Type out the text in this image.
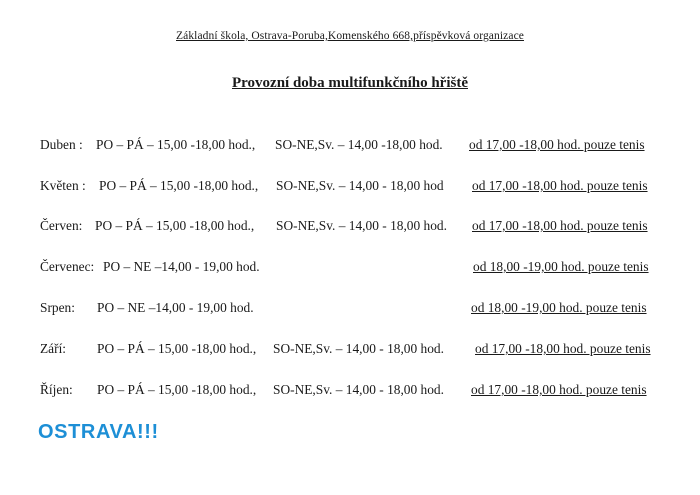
Základní škola, Ostrava-Poruba,Komenského 668,příspěvková organizace
Provozní doba multifunkčního hřiště
Duben : PO – PÁ – 15,00 -18,00 hod., SO-NE,Sv. – 14,00 -18,00 hod. od 17,00 -18,00 hod. pouze tenis
Květen : PO – PÁ – 15,00 -18,00 hod., SO-NE,Sv. – 14,00 - 18,00 hod od 17,00 -18,00 hod. pouze tenis
Červen: PO – PÁ – 15,00 -18,00 hod., SO-NE,Sv. – 14,00 - 18,00 hod. od 17,00 -18,00 hod. pouze tenis
Červenec: PO – NE –14,00 - 19,00 hod.	od 18,00 -19,00 hod. pouze tenis
Srpen: PO – NE –14,00 - 19,00 hod.	od 18,00 -19,00 hod. pouze tenis
Září: PO – PÁ – 15,00 -18,00 hod., SO-NE,Sv. – 14,00 - 18,00 hod. od 17,00 -18,00 hod. pouze tenis
Říjen: PO – PÁ – 15,00 -18,00 hod., SO-NE,Sv. – 14,00 - 18,00 hod. od 17,00 -18,00 hod. pouze tenis
OSTRAVA!!!
